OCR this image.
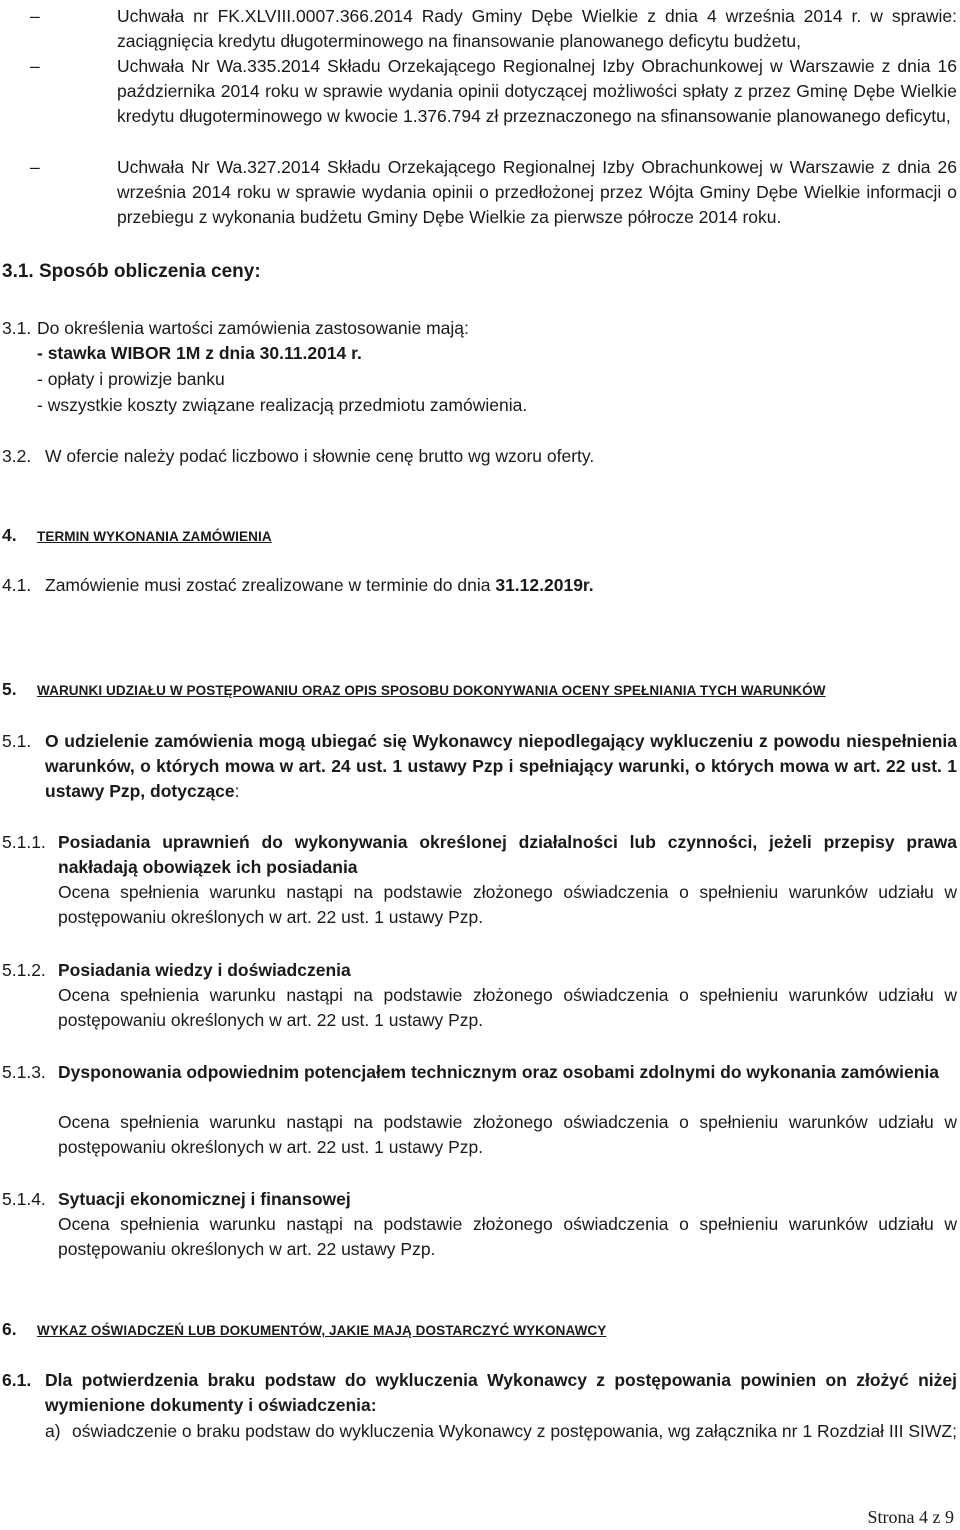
–	Uchwała nr FK.XLVIII.0007.366.2014 Rady Gminy Dębe Wielkie z dnia 4 września 2014 r. w sprawie: zaciągnięcia kredytu długoterminowego na finansowanie planowanego deficytu budżetu,
–	Uchwała Nr Wa.335.2014 Składu Orzekającego Regionalnej Izby Obrachunkowej w Warszawie z dnia 16 października 2014 roku w sprawie wydania opinii dotyczącej możliwości spłaty z przez Gminę Dębe Wielkie kredytu długoterminowego w kwocie 1.376.794 zł przeznaczonego na sfinansowanie planowanego deficytu,
–	Uchwała Nr Wa.327.2014 Składu Orzekającego Regionalnej Izby Obrachunkowej w Warszawie z dnia 26 września 2014 roku w sprawie wydania opinii o przedłożonej przez Wójta Gminy Dębe Wielkie informacji o przebiegu z wykonania budżetu Gminy Dębe Wielkie za pierwsze półrocze 2014 roku.
3.1. Sposób obliczenia ceny:
3.1. Do określenia wartości zamówienia zastosowanie mają:
- stawka WIBOR 1M z dnia 30.11.2014 r.
- opłaty i prowizje banku
- wszystkie koszty związane realizacją przedmiotu zamówienia.
3.2. W ofercie należy podać liczbowo i słownie cenę brutto wg wzoru oferty.
4. TERMIN WYKONANIA ZAMÓWIENIA
4.1. Zamówienie musi zostać zrealizowane w terminie do dnia 31.12.2019r.
5. WARUNKI UDZIAŁU W POSTĘPOWANIU ORAZ OPIS SPOSOBU DOKONYWANIA OCENY SPEŁNIANIA TYCH WARUNKÓW
5.1. O udzielenie zamówienia mogą ubiegać się Wykonawcy niepodlegający wykluczeniu z powodu niespełnienia warunków, o których mowa w art. 24 ust. 1 ustawy Pzp i spełniający warunki, o których mowa w art. 22 ust. 1 ustawy Pzp, dotyczące:
5.1.1. Posiadania uprawnień do wykonywania określonej działalności lub czynności, jeżeli przepisy prawa nakładają obowiązek ich posiadania
Ocena spełnienia warunku nastąpi na podstawie złożonego oświadczenia o spełnieniu warunków udziału w postępowaniu określonych w art. 22 ust. 1 ustawy Pzp.
5.1.2. Posiadania wiedzy i doświadczenia
Ocena spełnienia warunku nastąpi na podstawie złożonego oświadczenia o spełnieniu warunków udziału w postępowaniu określonych w art. 22 ust. 1 ustawy Pzp.
5.1.3. Dysponowania odpowiednim potencjałem technicznym oraz osobami zdolnymi do wykonania zamówienia
Ocena spełnienia warunku nastąpi na podstawie złożonego oświadczenia o spełnieniu warunków udziału w postępowaniu określonych w art. 22 ust. 1 ustawy Pzp.
5.1.4. Sytuacji ekonomicznej i finansowej
Ocena spełnienia warunku nastąpi na podstawie złożonego oświadczenia o spełnieniu warunków udziału w postępowaniu określonych w art. 22 ustawy Pzp.
6. WYKAZ OŚWIADCZEŃ LUB DOKUMENTÓW, JAKIE MAJĄ DOSTARCZYĆ WYKONAWCY
6.1. Dla potwierdzenia braku podstaw do wykluczenia Wykonawcy z postępowania powinien on złożyć niżej wymienione dokumenty i oświadczenia:
a) oświadczenie o braku podstaw do wykluczenia Wykonawcy z postępowania, wg załącznika nr 1 Rozdział III SIWZ;
Strona 4 z 9
